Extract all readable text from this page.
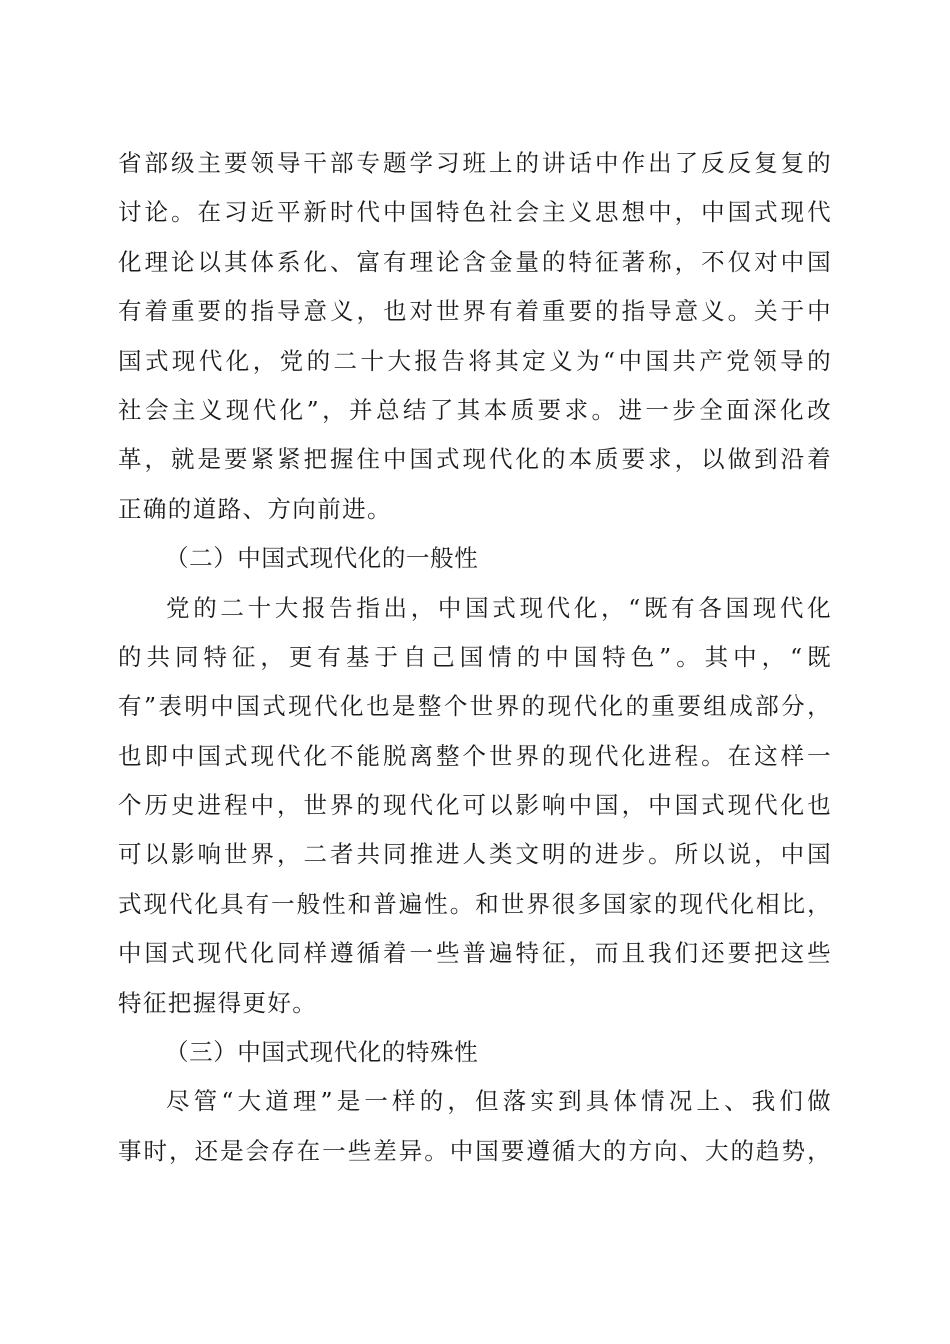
省部级主要领导干部专题学习班上的讲话中作出了反反复复的
讨论。在习近平新时代中国特色社会主义思想中，中国式现代
化理论以其体系化、富有理论含金量的特征著称，不仅对中国
有着重要的指导意义，也对世界有着重要的指导意义。关于中
国式现代化，党的二十大报告将其定义为“中国共产党领导的
社会主义现代化”，并总结了其本质要求。进一步全面深化改
革，就是要紧紧把握住中国式现代化的本质要求，以做到沿着
正确的道路、方向前进。
（二）中国式现代化的一般性
党的二十大报告指出，中国式现代化，“既有各国现代化
的共同特征，更有基于自己国情的中国特色”。其中，“既
有”表明中国式现代化也是整个世界的现代化的重要组成部分，
也即中国式现代化不能脱离整个世界的现代化进程。在这样一
个历史进程中，世界的现代化可以影响中国，中国式现代化也
可以影响世界，二者共同推进人类文明的进步。所以说，中国
式现代化具有一般性和普遍性。和世界很多国家的现代化相比，
中国式现代化同样遵循着一些普遍特征，而且我们还要把这些
特征把握得更好。
（三）中国式现代化的特殊性
尽管“大道理”是一样的，但落实到具体情况上、我们做
事时，还是会存在一些差异。中国要遵循大的方向、大的趋势，
